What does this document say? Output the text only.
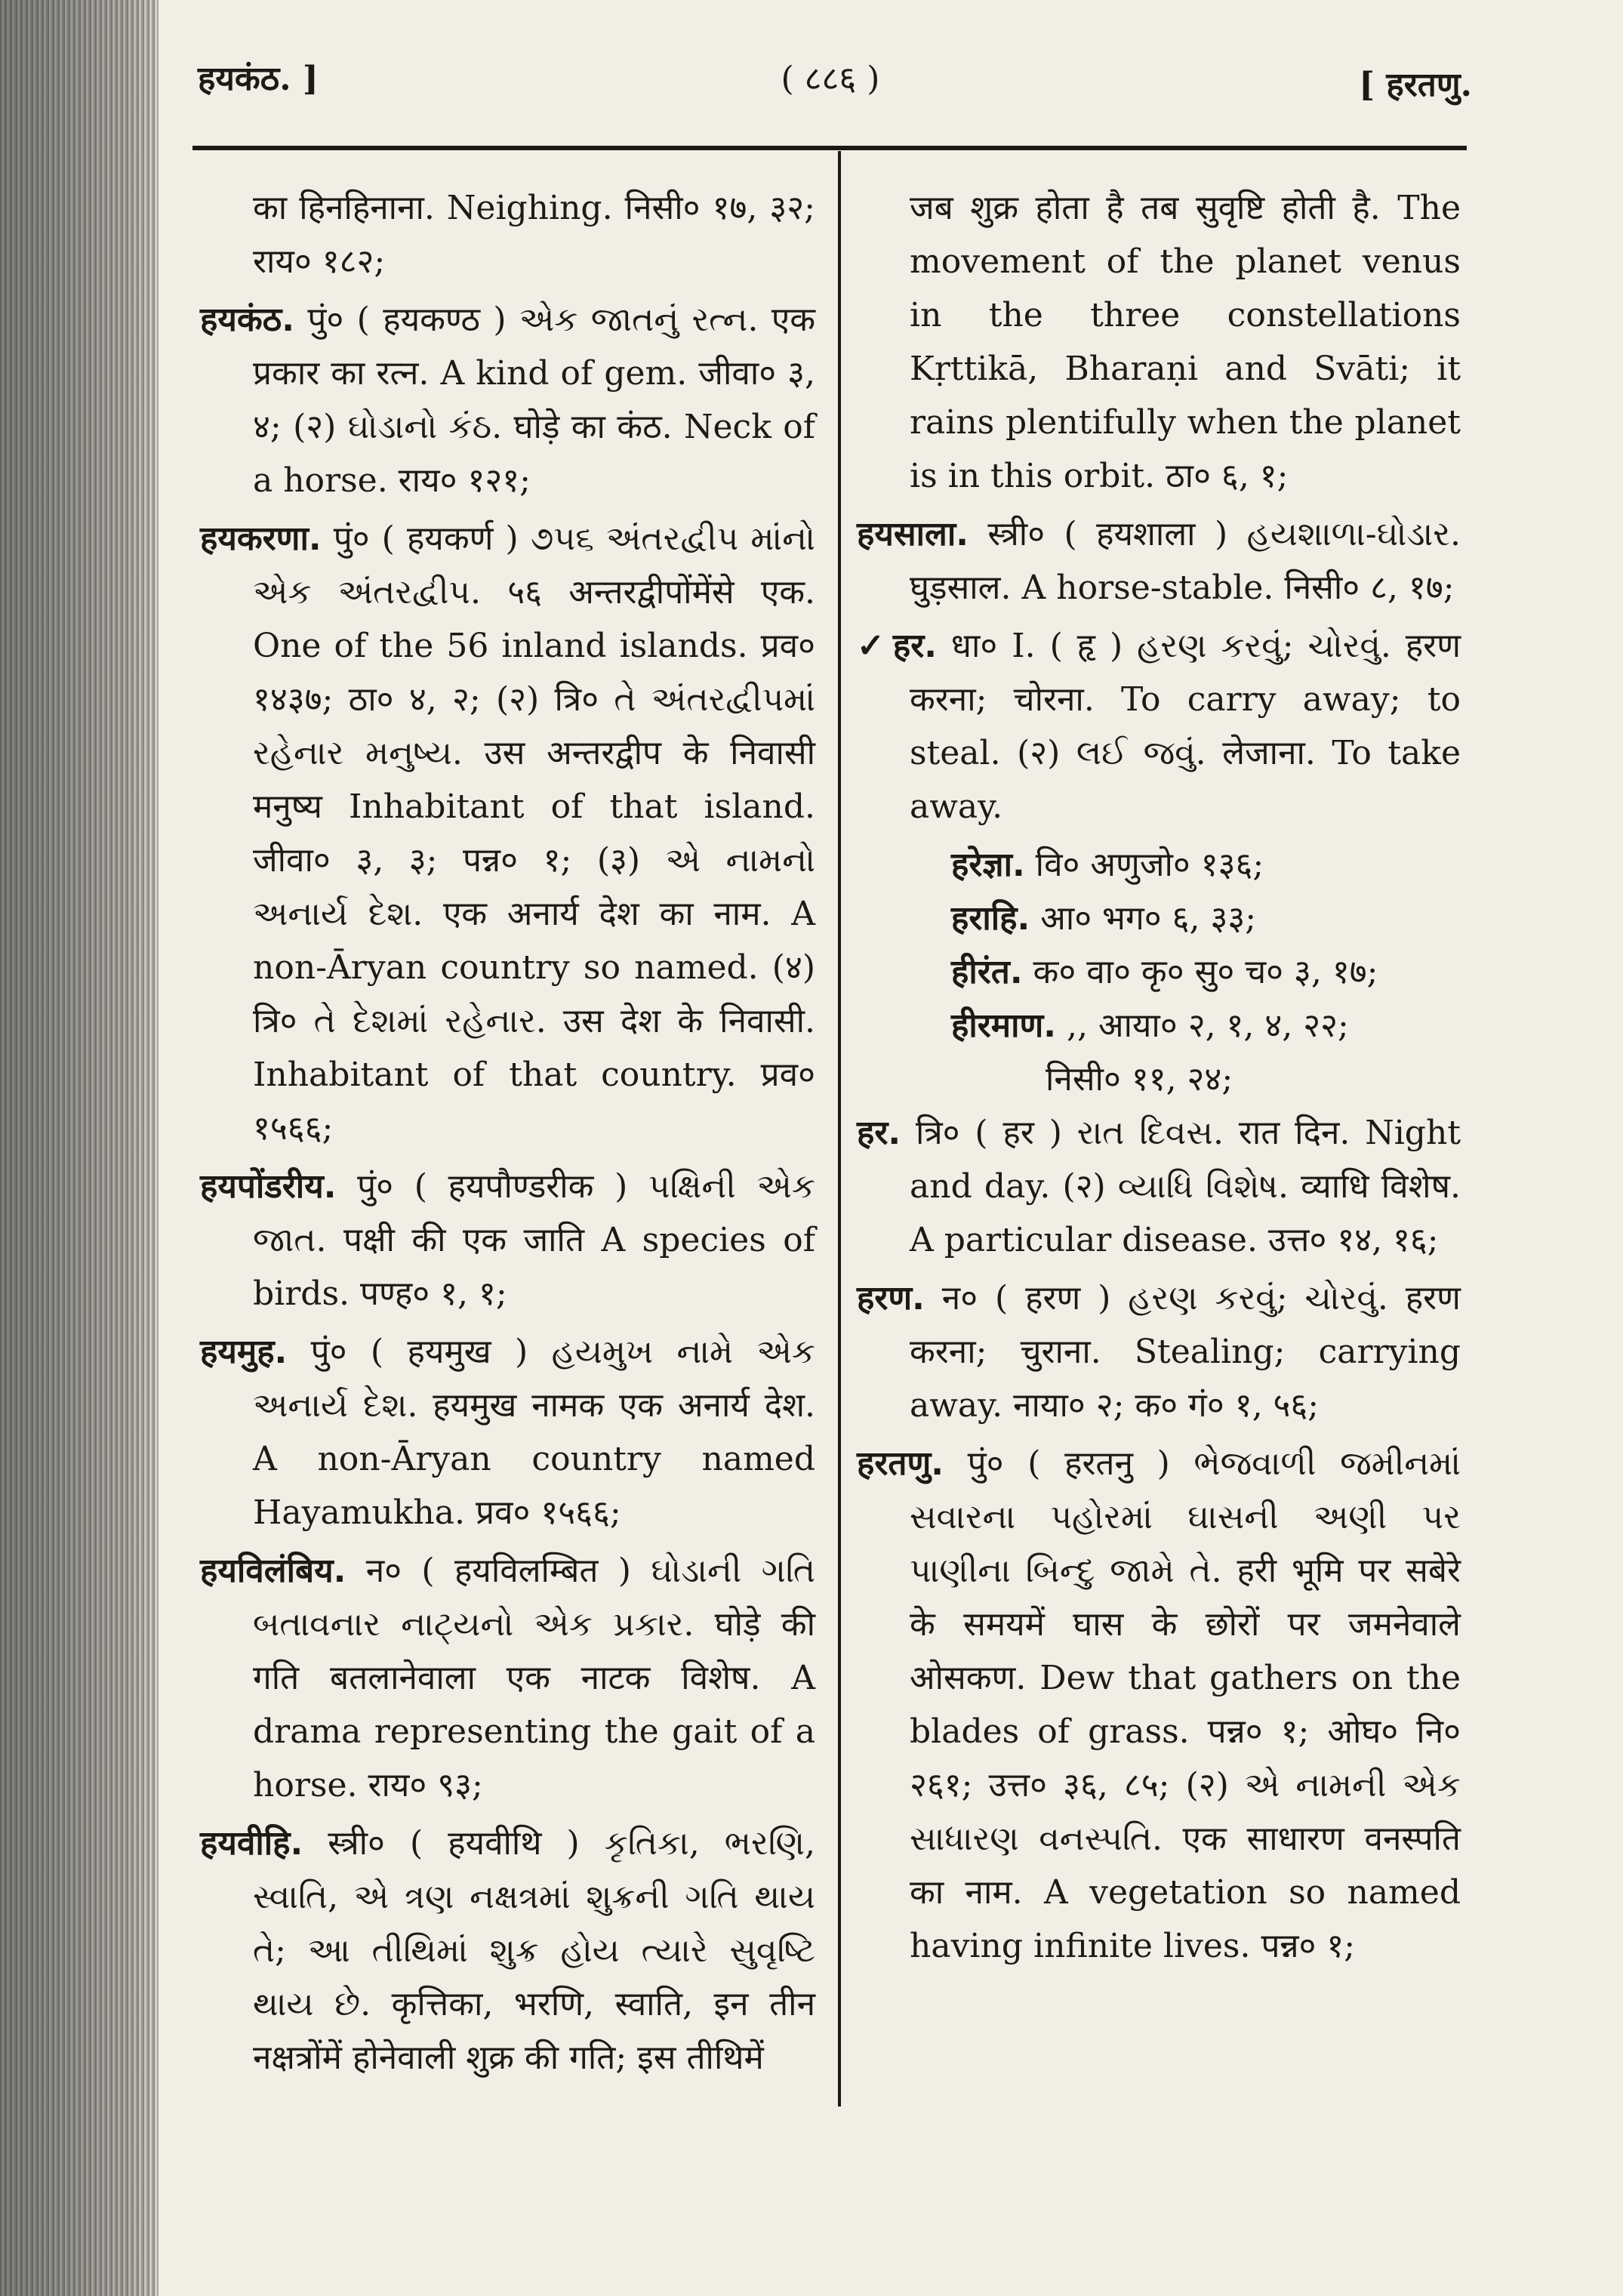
हयकंठ. ]	( ८८६ )	[ हरतणु.

का हिनहिनाना. Neighing. निसी० १७, ३२; राय० १८२;

हयकंठ. पुं० ( हयकण्ठ ) એક જાતનું રત્ન. एक प्रकार का रत्न. A kind of gem. जीवा० ३, ४; (२) ઘોડાનો કંઠ. घोड़े का कंठ. Neck of a horse. राय० १२१;

हयकरणा. पुं० ( हयकर्ण ) ૭૫૬ અંતરદ્વીપ માંનો એક અંતરદ્વીપ. ५६ अन्तरद्वीपोंमेंसे एक. One of the 56 inland islands. प्रव० १४३७; ठा० ४, २; (२) त्रि० તે અંતરદ્વીપમાં રહેનાર મનુષ્ય. उस अन्तरद्वीप के निवासी मनुष्य Inhabitant of that island. जीवा० ३, ३; पन्न० १; (३) એ નામનો અનાર્ય દેશ. एक अनार्य देश का नाम. A non-Āryan country so named. (४) त्रि० તે દેશમાં રહેનાર. उस देश के निवासी. Inhabitant of that country. प्रव० १५६६;

हयपोंडरीय. पुं० ( हयपौण्डरीक ) પક્ષિની એક જાત. पक्षी की एक जाति A species of birds. पण्ह० १, १;

हयमुह. पुं० ( हयमुख ) હયમુખ નામે એક અનાર્ય દેશ. हयमुख नामक एक अनार्य देश. A non-Āryan country named Hayamukha. प्रव० १५६६;

हयविलंबिय. न० ( हयविलम्बित ) ઘોડાની ગતિ બતાવનાર નાટ્યનો એક પ્રકાર. घोड़े की गति बतलानेवाला एक नाटक विशेष. A drama representing the gait of a horse. राय० ९३;

हयवीहि. स्त्री० ( हयवीथि ) કૃતિકા, ભરણિ, સ્વાતિ, એ ત્રણ નક્ષત્રમાં શુક્રની ગતિ થાય તે; આ તીથિમાં શુક્ર હોય ત્યારે સુવૃષ્ટિ થાય છે. कृत्तिका, भरणि, स्वाति, इन तीन नक्षत्रोंमें होनेवाली शुक्र की गति; इस तीथिमें

जब शुक्र होता है तब सुवृष्टि होती है. The movement of the planet venus in the three constellations Kṛttikā, Bharaṇi and Svāti; it rains plentifully when the planet is in this orbit. ठा० ६, १;

हयसाला. स्त्री० ( हयशाला ) હયશાળા-ઘોડાર. घुड़साल. A horse-stable. निसी० ८, १७;

✓ हर. धा० I. ( हृ ) હરણ કરવું; ચોરવું. हरण करना; चोरना. To carry away; to steal. (२) લઈ જવું. लेजाना. To take away.

हरेज्ञा. वि० अणुजो० १३६;

हराहि. आ० भग० ६, ३३;

हीरंत. क० वा० कृ० सु० च० ३, १७;

हीरमाण. ,, आया० २, १, ४, २२;

निसी० ११, २४;

हर. त्रि० ( हर ) રાત દિવસ. रात दिन. Night and day. (२) વ્યાધિ વિશેષ. व्याधि विशेष. A particular disease. उत्त० १४, १६;

हरण. न० ( हरण ) હરણ કરવું; ચોરવું. हरण करना; चुराना. Stealing; carrying away. नाया० २; क० गं० १, ५६;

हरतणु. पुं० ( हरतनु ) ભેજવાળી જમીનમાં સવારના પહોરમાં ઘાસની અણી પર પાણીના બિન્દુ જામે તે. हरी भूमि पर सबेरे के समयमें घास के छोरों पर जमनेवाले ओसकण. Dew that gathers on the blades of grass. पन्न० १; ओघ० नि० २६१; उत्त० ३६, ८५; (२) એ નામની એક સાધારણ વનસ્પતિ. एक साधारण वनस्पति का नाम. A vegetation so named having infinite lives. पन्न० १;
